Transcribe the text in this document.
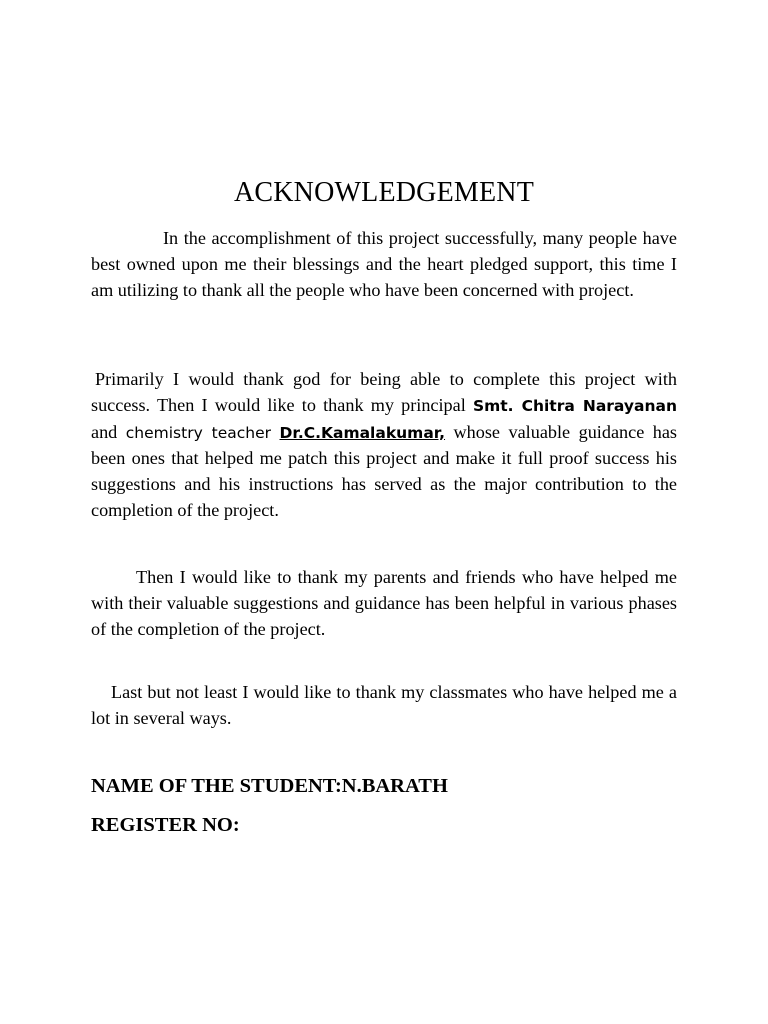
ACKNOWLEDGEMENT

In the accomplishment of this project successfully, many people have best owned upon me their blessings and the heart pledged support, this time I am utilizing to thank all the people who have been concerned with project.

Primarily I would thank god for being able to complete this project with success. Then I would like to thank my principal Smt. Chitra Narayanan and chemistry teacher Dr.C.Kamalakumar, whose valuable guidance has been ones that helped me patch this project and make it full proof success his suggestions and his instructions has served as the major contribution to the completion of the project.

Then I would like to thank my parents and friends who have helped me with their valuable suggestions and guidance has been helpful in various phases of the completion of the project.

Last but not least I would like to thank my classmates who have helped me a lot in several ways.

NAME OF THE STUDENT:N.BARATH
REGISTER NO:
